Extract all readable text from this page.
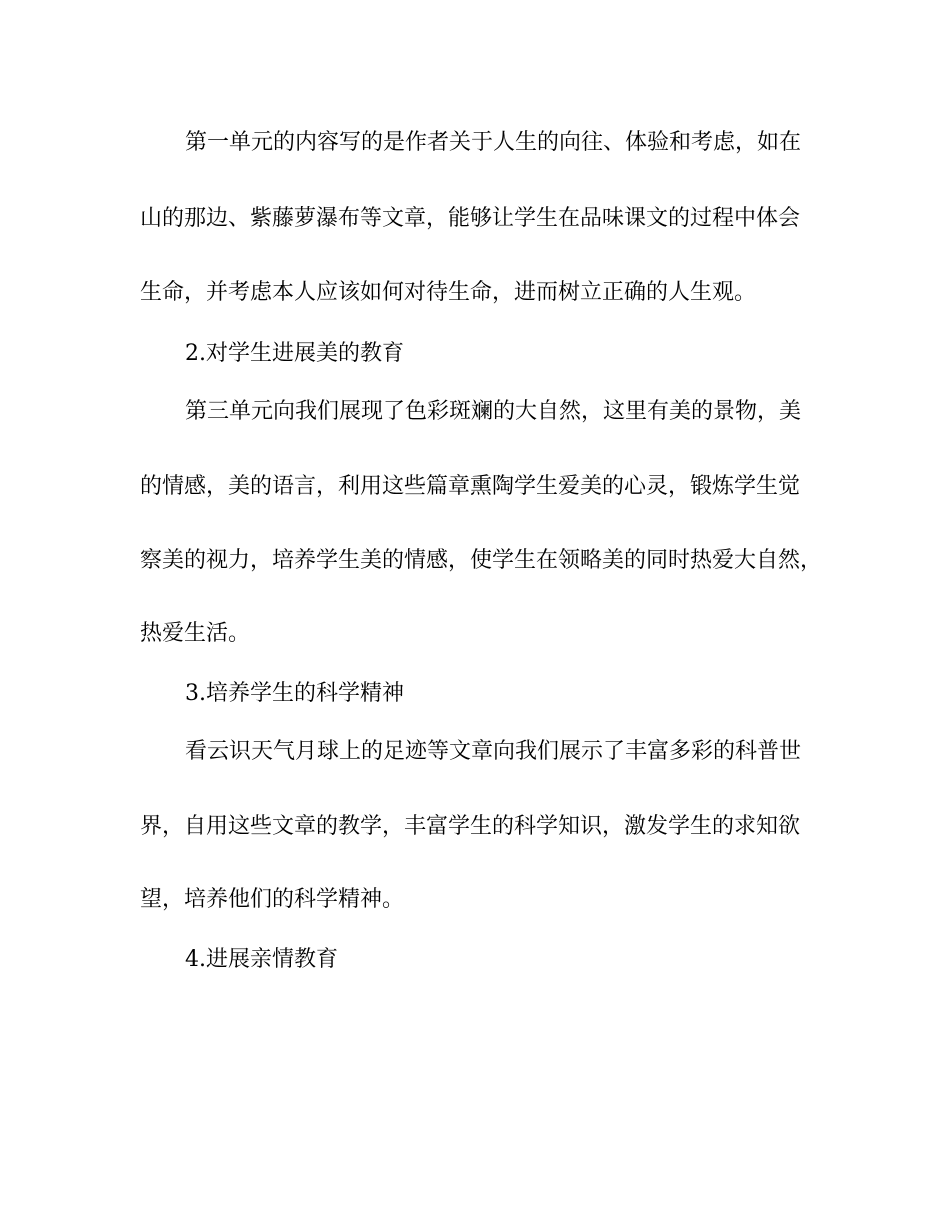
第一单元的内容写的是作者关于人生的向往、体验和考虑，如在
山的那边、紫藤萝瀑布等文章，能够让学生在品味课文的过程中体会
生命，并考虑本人应该如何对待生命，进而树立正确的人生观。
2.对学生进展美的教育
第三单元向我们展现了色彩斑斓的大自然，这里有美的景物，美
的情感，美的语言，利用这些篇章熏陶学生爱美的心灵，锻炼学生觉
察美的视力，培养学生美的情感，使学生在领略美的同时热爱大自然，
热爱生活。
3.培养学生的科学精神
看云识天气月球上的足迹等文章向我们展示了丰富多彩的科普世
界，自用这些文章的教学，丰富学生的科学知识，激发学生的求知欲
望，培养他们的科学精神。
4.进展亲情教育
